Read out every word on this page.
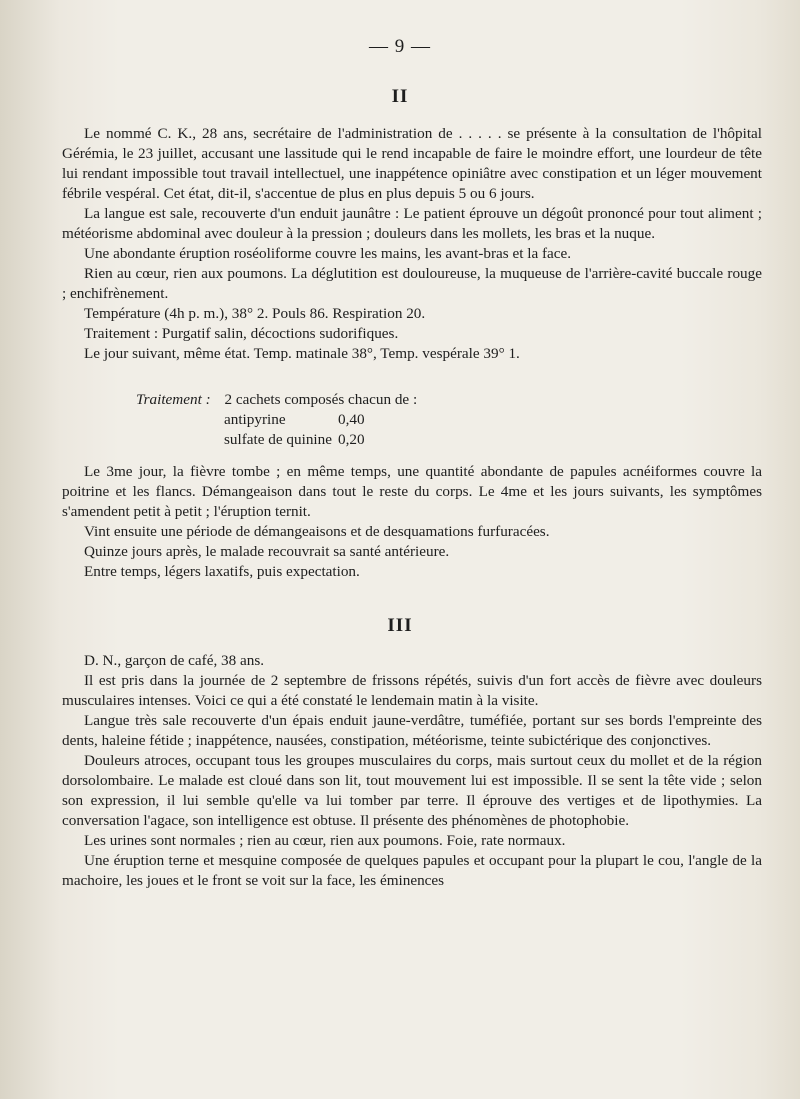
— 9 —
II

Le nommé C. K., 28 ans, secrétaire de l'administration de . . . . . se présente à la consultation de l'hôpital Gérémia, le 23 juillet, accusant une lassitude qui le rend incapable de faire le moindre effort, une lourdeur de tête lui rendant impossible tout travail intellectuel, une inappétence opiniâtre avec constipation et un léger mouvement fébrile vespéral. Cet état, dit-il, s'accentue de plus en plus depuis 5 ou 6 jours.

La langue est sale, recouverte d'un enduit jaunâtre : Le patient éprouve un dégoût prononcé pour tout aliment ; météorisme abdominal avec douleur à la pression ; douleurs dans les mollets, les bras et la nuque.

Une abondante éruption roséoliforme couvre les mains, les avant-bras et la face.

Rien au cœur, rien aux poumons. La déglutition est douloureuse, la muqueuse de l'arrière-cavité buccale rouge ; enchifrènement.

Température (4h p. m.), 38° 2. Pouls 86. Respiration 20.

Traitement : Purgatif salin, décoctions sudorifiques.

Le jour suivant, même état. Temp. matinale 38°, Temp. vespérale 39° 1.

Traitement : 2 cachets composés chacun de :
antipyrine	0,40
sulfate de quinine 0,20

Le 3me jour, la fièvre tombe ; en même temps, une quantité abondante de papules acnéiformes couvre la poitrine et les flancs. Démangeaison dans tout le reste du corps. Le 4me et les jours suivants, les symptômes s'amendent petit à petit ; l'éruption ternit.

Vint ensuite une période de démangeaisons et de desquamations furfuracées.

Quinze jours après, le malade recouvrait sa santé antérieure.

Entre temps, légers laxatifs, puis expectation.

III

D. N., garçon de café, 38 ans.

Il est pris dans la journée de 2 septembre de frissons répétés, suivis d'un fort accès de fièvre avec douleurs musculaires intenses. Voici ce qui a été constaté le lendemain matin à la visite.

Langue très sale recouverte d'un épais enduit jaune-verdâtre, tuméfiée, portant sur ses bords l'empreinte des dents, haleine fétide ; inappétence, nausées, constipation, météorisme, teinte subictérique des conjonctives.

Douleurs atroces, occupant tous les groupes musculaires du corps, mais surtout ceux du mollet et de la région dorsolombaire. Le malade est cloué dans son lit, tout mouvement lui est impossible. Il se sent la tête vide ; selon son expression, il lui semble qu'elle va lui tomber par terre. Il éprouve des vertiges et de lipothymies. La conversation l'agace, son intelligence est obtuse. Il présente des phénomènes de photophobie.

Les urines sont normales ; rien au cœur, rien aux poumons. Foie, rate normaux.

Une éruption terne et mesquine composée de quelques papules et occupant pour la plupart le cou, l'angle de la machoire, les joues et le front se voit sur la face, les éminences
